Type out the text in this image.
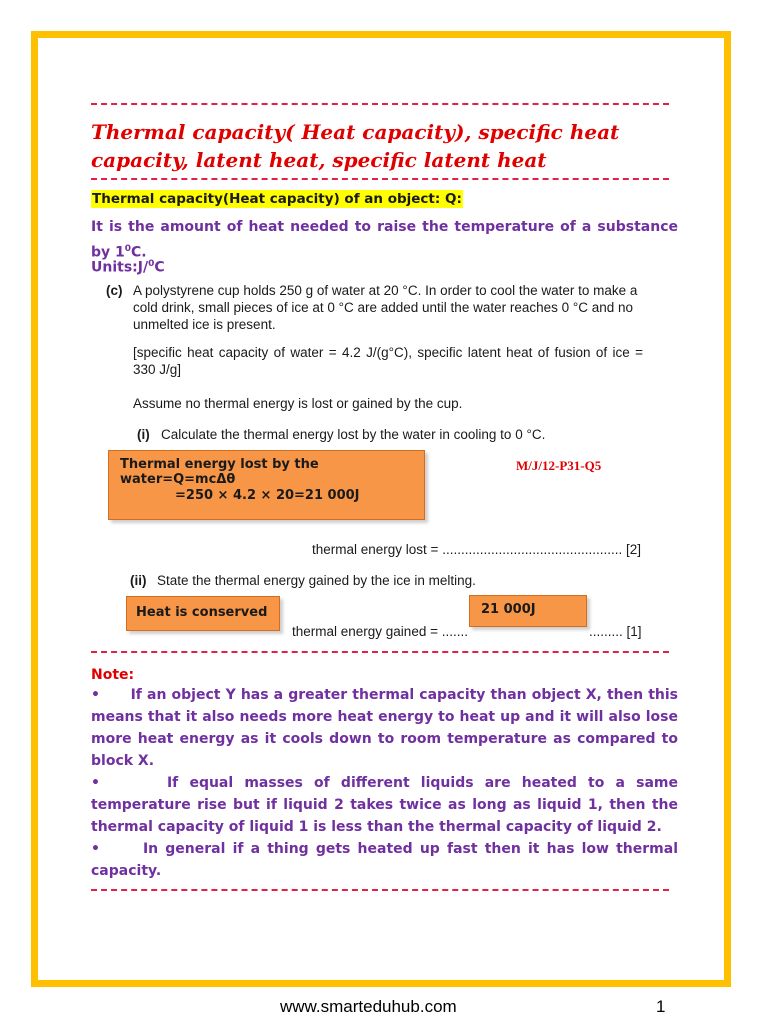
Thermal capacity( Heat capacity), specific heat capacity, latent heat, specific latent heat
Thermal capacity(Heat capacity) of an object: Q:
It is the amount of heat needed to raise the temperature of a substance by $1^0C$.
Units:J/$^0$C
(c) A polystyrene cup holds 250 g of water at 20 °C. In order to cool the water to make a cold drink, small pieces of ice at 0 °C are added until the water reaches 0 °C and no unmelted ice is present.
[specific heat capacity of water = 4.2 J/(g°C), specific latent heat of fusion of ice = 330 J/g]
Assume no thermal energy is lost or gained by the cup.
(i) Calculate the thermal energy lost by the water in cooling to 0 °C.
Thermal energy lost by the water=Q=mcΔθ
=250 × 4.2 × 20=21 000J
M/J/12-P31-Q5
thermal energy lost = ................................................ [2]
(ii) State the thermal energy gained by the ice in melting.
Heat is conserved
thermal energy gained = .......
21 000J
......... [1]
Note:

•      If an object Y has a greater thermal capacity than object X, then this means that it also needs more heat energy to heat up and it will also lose more heat energy as it cools down to room temperature as compared to block X.

•      If equal masses of different liquids are heated to a same temperature rise but if liquid 2 takes twice as long as liquid 1, then the thermal capacity of liquid 1 is less than the thermal capacity of liquid 2.

•      In general if a thing gets heated up fast then it has low thermal capacity.

www.smarteduhub.com	1
